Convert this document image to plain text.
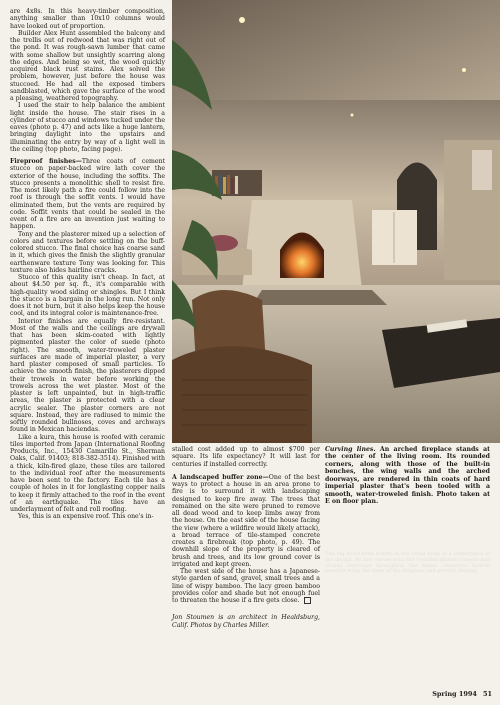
are 4x8s. In this heavy-timber composition, anything smaller than 10x10 columns would have looked out of proportion.

Builder Alex Hunt assembled the balcony and the trellis out of redwood that was right out of the pond. It was rough-sawn lumber that came with some shallow but unsightly scarring along the edges. And being so wet, the wood quickly acquired black rust stains. Alex solved the problem, however, just before the house was stuccoed. He had all the exposed timbers sandblasted, which gave the surface of the wood a pleasing, weathered topography.

I used the stair to help balance the ambient light inside the house. The stair rises in a cylinder of stucco and windows tucked under the eaves (photo p. 47) and acts like a huge lantern, bringing daylight into the upstairs and illuminating the entry by way of a light well in the ceiling (top photo, facing page).

Fireproof finishes—Three coats of cement stucco on paper-backed wire lath cover the exterior of the house, including the soffits. The stucco presents a monolithic shell to resist fire. The most likely path a fire could follow into the roof is through the soffit vents. I would have eliminated them, but the vents are required by code. Soffit vents that could be sealed in the event of a fire are an invention just waiting to happen.

Tony and the plasterer mixed up a selection of colors and textures before settling on the buff-colored stucco. The final choice has coarse sand in it, which gives the finish the slightly granular earthenware texture Tony was looking for. This texture also hides hairline cracks.

Stucco of this quality isn't cheap. In fact, at about $4.50 per sq. ft., it's comparable with high-quality wood siding or shingles. But I think the stucco is a bargain in the long run. Not only does it not burn, but it also helps keep the house cool, and its integral color is maintenance-free.

Interior finishes are equally fire-resistant. Most of the walls and the ceilings are drywall that has been skim-coated with lightly pigmented plaster the color of suede (photo right). The smooth, water-troweled plaster surfaces are made of imperial plaster, a very hard plaster composed of small particles. To achieve the smooth finish, the plasterers dipped their trowels in water before working the trowels across the wet plaster. Most of the plaster is left unpainted, but in high-traffic areas, the plaster is protected with a clear acrylic sealer. The plaster corners are not square. Instead, they are radiused to mimic the softly rounded bullnoses, coves and archways found in Mexican haciendas.

Like a kura, this house is roofed with ceramic tiles imported from Japan (International Roofing Products, Inc., 15430 Camarillo St., Sherman Oaks, Calif. 91403; 818-382-3514). Finished with a thick, kiln-fired glaze, these tiles are tailored to the individual roof after the measurements have been sent to the factory. Each tile has a couple of holes in it for longlasting copper nails to keep it firmly attached to the roof in the event of an earthquake. The tiles have an underlayment of felt and roll roofing.

Yes, this is an expensive roof. This one's in-

stalled cost added up to almost $700 per square. Its life expectancy? It will last for centuries if installed correctly.

A landscaped buffer zone—One of the best ways to protect a house in an area prone to fire is to surround it with landscaping designed to keep fire away. The trees that remained on the site were pruned to remove all dead wood and to keep limbs away from the house. On the east side of the house facing the view (where a wildfire would likely attack), a broad terrace of tile-stamped concrete creates a firebreak (top photo, p. 49). The downhill slope of the property is cleared of brush and trees, and its low ground cover is irrigated and kept green.

The west side of the house has a Japanese-style garden of sand, gravel, small trees and a line of wispy bamboo. The lacy green bamboo provides color and shade but not enough fuel to threaten the house if a fire gets close.

Jon Stoumen is an architect in Healdsburg, Calif. Photos by Charles Miller.

Curving lines. An arched fireplace stands at the center of the living room. Its rounded corners, along with those of the built-in benches, the wing walls and the arched doorways, are rendered in thin coats of hard imperial plaster that's been tooled with a smooth, water-troweled finish. Photo taken at E on floor plan.
The big wood-fired hearth in the living room is a centerpiece of the design. Its low curves echo the rounded plaster corners and arched doorways throughout the house. Generous built-in benches wrap the sides of the fireplace and provide seating.
Spring 1994 51
